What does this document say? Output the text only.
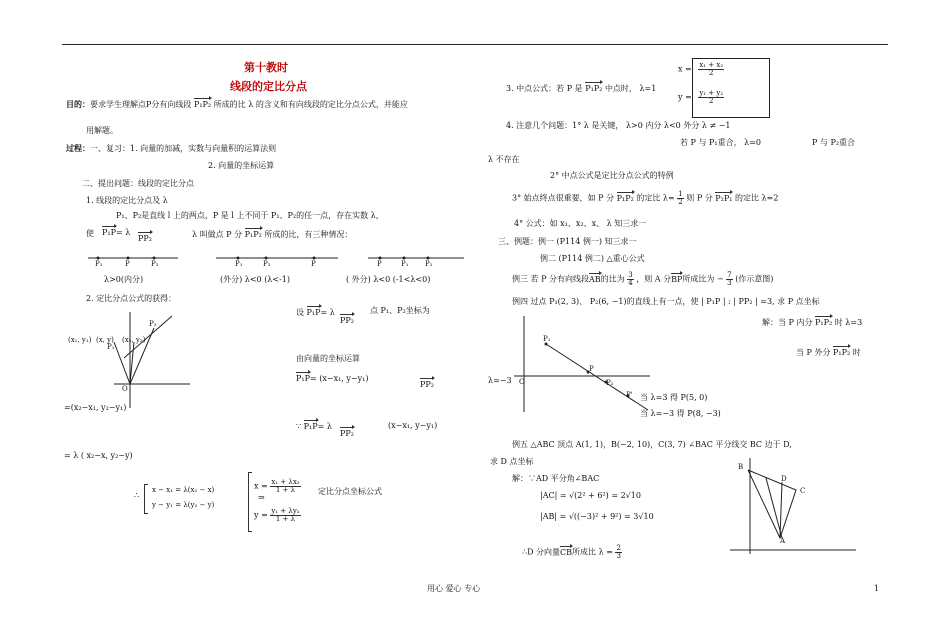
第十教时
线段的定比分点
目的：要求学生理解点P分有向线段 P₁P₂ 所成的比 λ 的含义和有向线段的定比分点公式，并能应
用解题。
过程：一、复习：1. 向量的加减，实数与向量积的运算法则
2. 向量的坐标运算
二、提出问题：线段的定比分点
1. 线段的定比分点及 λ
P₁、P₂是直线 l 上的两点，P 是 l 上不同于 P₁、P₂的任一点，存在实数 λ，
使 P₁P= λ
PP₂	λ 叫做点 P 分 P₁P₂ 所成的比，有三种情况：
P₁	P	P₂	P₁	P₂	P	P	P₁ P₂
λ>0(内分)	(外分) λ<0 (λ<-1)	( 外分) λ<0 (-1<λ<0)
2. 定比分点公式的获得：
P₂
P₁
(x₁, y₁) (x, y) (x₂, y₂)
O
设 P₁P= λ
PP₂
点 P₁、P₂坐标为
由向量的坐标运算
P₁P= (x−x₁, y−y₁)
PP₂
=(x₂−x₁, y₂−y₁)
∵ P₁P= λ
PP₂
(x−x₁, y−y₁)
= λ ( x₂−x, y₂−y)
∴
x − x₁ = λ(x₂ − x)
y − y₁ = λ(y₂ − y)
⇒
$x = \frac{\text{x₁ + λx₂}}{1 + \lambda}$
$y = \frac{\text{y₁ + λy₂}}{1 + \lambda}$
定比分点坐标公式
3. 中点公式：若 P 是 P₁P₂ 中点时， λ=1
$x = \frac{\text{x₁ + x₂}}{2}$
$y = \frac{\text{y₁ + y₂}}{2}$
4. 注意几个问题：1° λ 是关键， λ>0 内分 λ<0 外分 λ ≠ −1
若 P 与 P₁重合， λ=0	P 与 P₂重合
λ 不存在
2° 中点公式是定比分点公式的特例
3° 始点终点很重要，如 P 分 P₁P₂ 的定比 $\lambda= \frac{1}{2}$ 则 P 分 P₂P₁ 的定比 λ=2
4° 公式：如 x₁、x₂、x、 λ 知三求一
三、例题：例一 (P114 例一) 知三求一
例二 (P114 例二) △重心公式
例三 若 P 分有向线段AB的比为 $\frac{3}{4}$ ，则 A 分BP所成比为 − $\frac{7}{3}$ (作示意图)
例四 过点 P₁(2, 3)、 P₂(6, −1)的直线上有一点，使 | P₁P | : | PP₂ | =3, 求 P 点坐标
解：当 P 内分 P₁P₂ 时 λ=3
当 P 外分 P₁P₂ 时
P₁
P
P₂
P'
O
λ=−3
当 λ=3 得 P(5, 0)
当 λ=−3 得 P(8, −3)
例五 △ABC 顶点 A(1, 1)，B(−2, 10)，C(3, 7) ∠BAC 平分线交 BC 边于 D,
求 D 点坐标
解：∵AD 平分角∠BAC
|AC| = √(2² + 6²) = 2√10
|AB| = √((−3)² + 9²) = 3√10
∴D 分向量CB所成比 $\lambda = \frac{2}{3}$
B
D
C
A
用心 爱心 专心	1
